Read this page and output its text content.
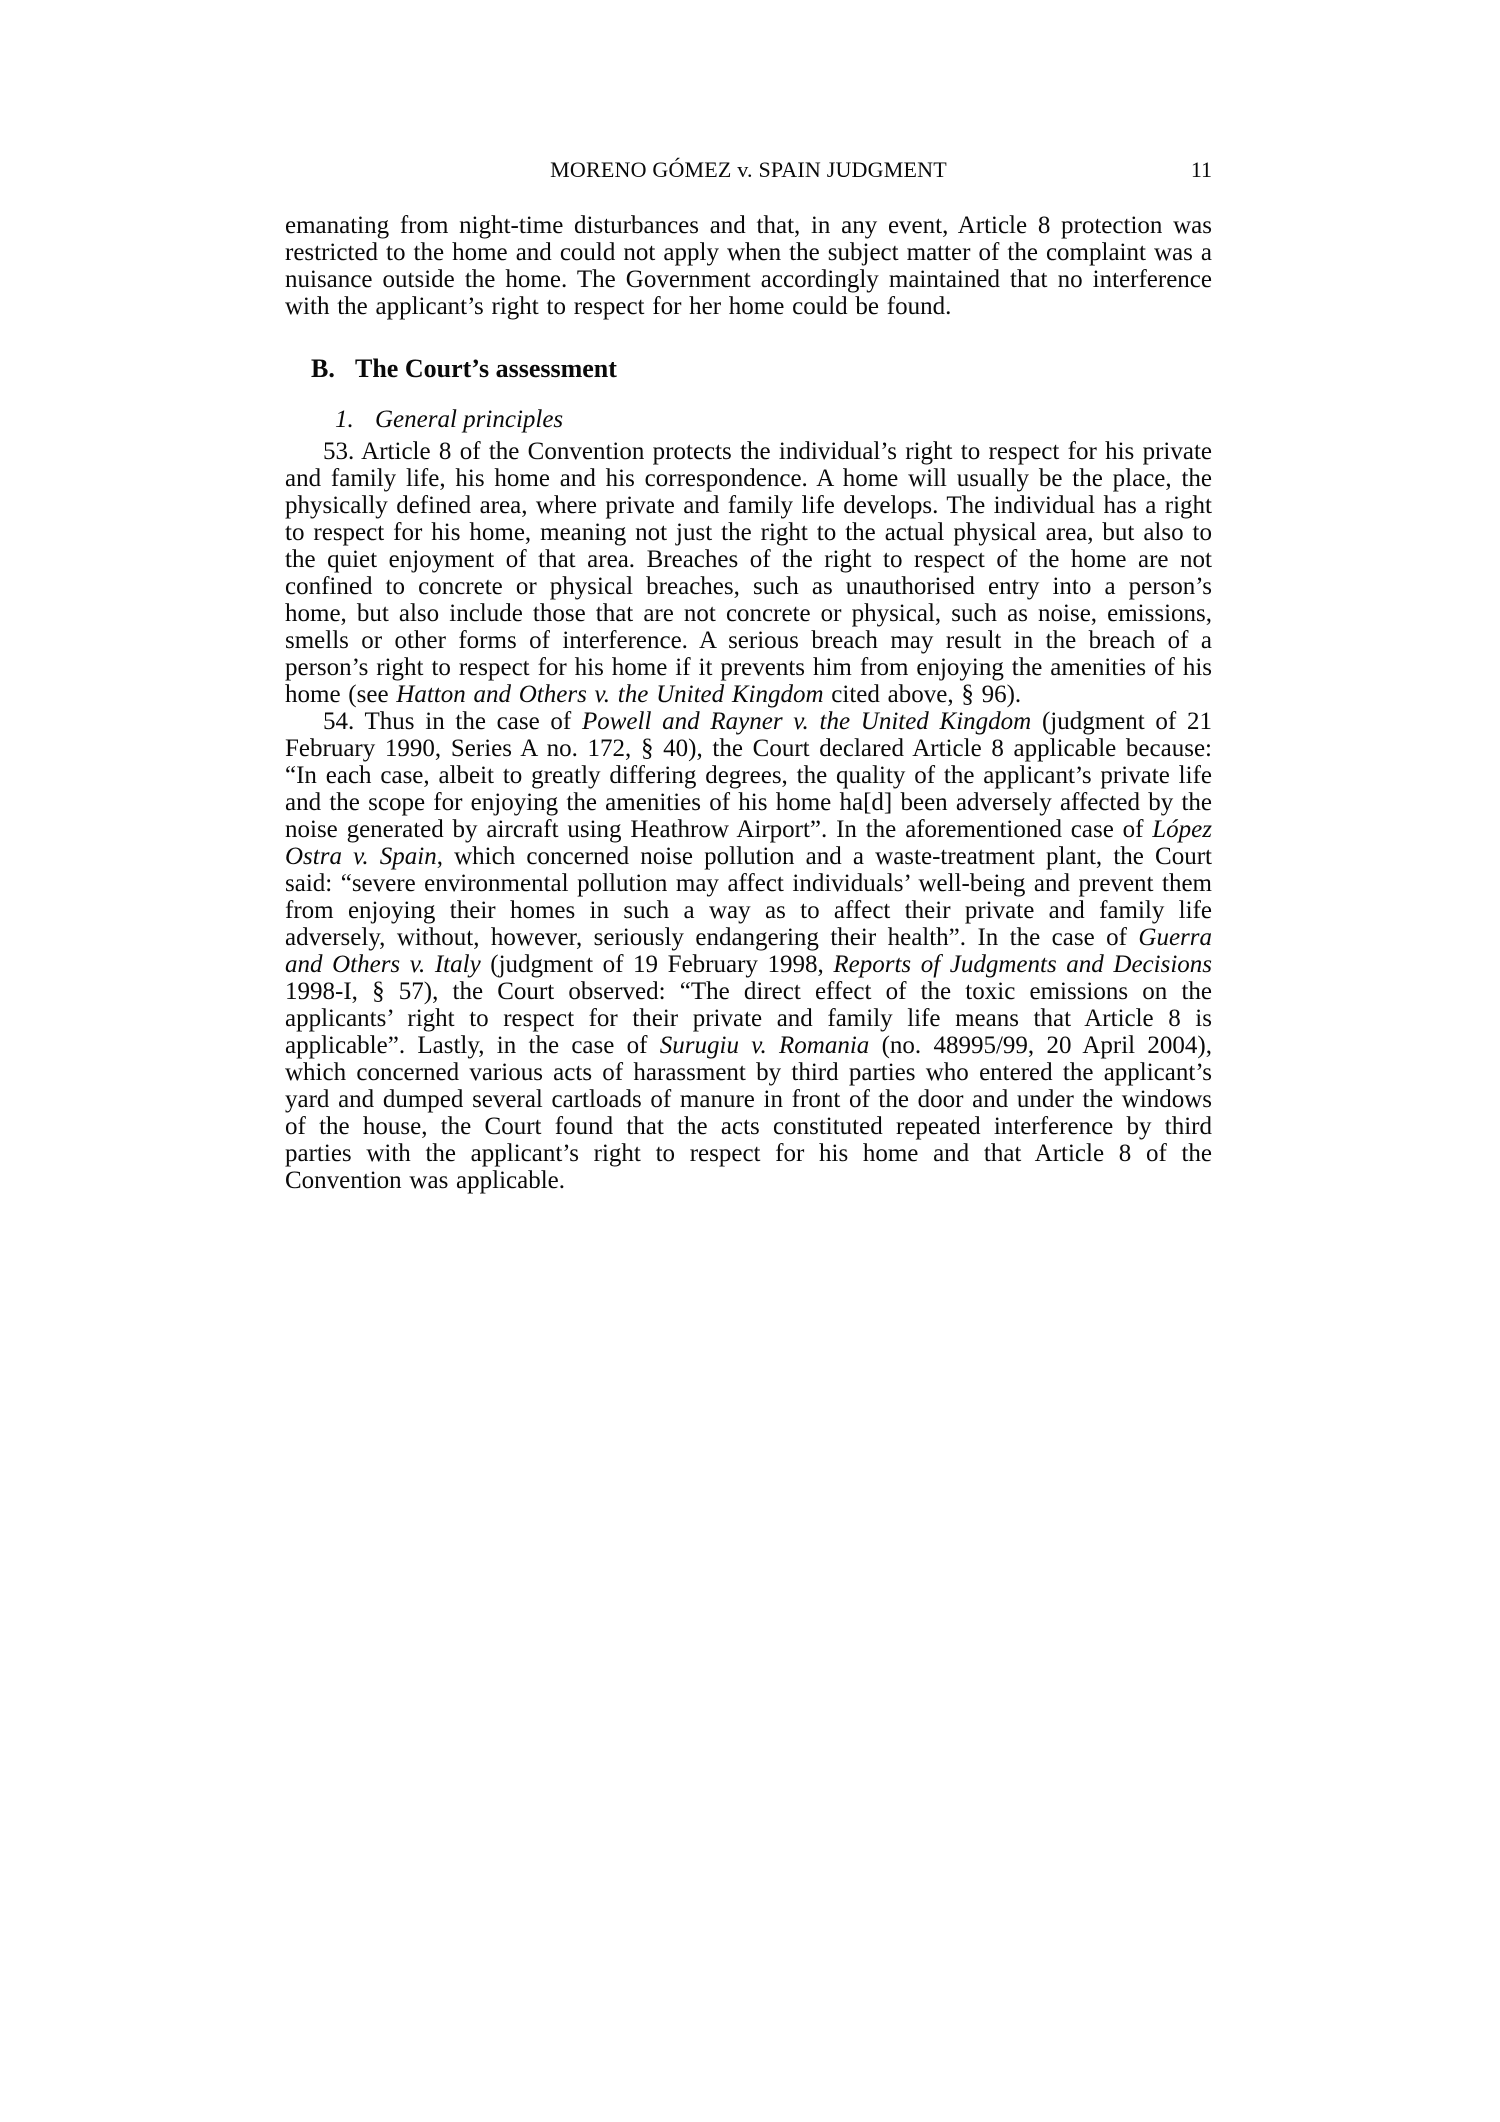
MORENO GÓMEZ v. SPAIN JUDGMENT	11

emanating from night-time disturbances and that, in any event, Article 8 protection was restricted to the home and could not apply when the subject matter of the complaint was a nuisance outside the home. The Government accordingly maintained that no interference with the applicant’s right to respect for her home could be found.

B. The Court’s assessment
1. General principles

53. Article 8 of the Convention protects the individual’s right to respect for his private and family life, his home and his correspondence. A home will usually be the place, the physically defined area, where private and family life develops. The individual has a right to respect for his home, meaning not just the right to the actual physical area, but also to the quiet enjoyment of that area. Breaches of the right to respect of the home are not confined to concrete or physical breaches, such as unauthorised entry into a person’s home, but also include those that are not concrete or physical, such as noise, emissions, smells or other forms of interference. A serious breach may result in the breach of a person’s right to respect for his home if it prevents him from enjoying the amenities of his home (see Hatton and Others v. the United Kingdom cited above, § 96).

54. Thus in the case of Powell and Rayner v. the United Kingdom (judgment of 21 February 1990, Series A no. 172, § 40), the Court declared Article 8 applicable because: “In each case, albeit to greatly differing degrees, the quality of the applicant’s private life and the scope for enjoying the amenities of his home ha[d] been adversely affected by the noise generated by aircraft using Heathrow Airport”. In the aforementioned case of López Ostra v. Spain, which concerned noise pollution and a waste-treatment plant, the Court said: “severe environmental pollution may affect individuals’ well-being and prevent them from enjoying their homes in such a way as to affect their private and family life adversely, without, however, seriously endangering their health”. In the case of Guerra and Others v. Italy (judgment of 19 February 1998, Reports of Judgments and Decisions 1998-I, § 57), the Court observed: “The direct effect of the toxic emissions on the applicants’ right to respect for their private and family life means that Article 8 is applicable”. Lastly, in the case of Surugiu v. Romania (no. 48995/99, 20 April 2004), which concerned various acts of harassment by third parties who entered the applicant’s yard and dumped several cartloads of manure in front of the door and under the windows of the house, the Court found that the acts constituted repeated interference by third parties with the applicant’s right to respect for his home and that Article 8 of the Convention was applicable.
